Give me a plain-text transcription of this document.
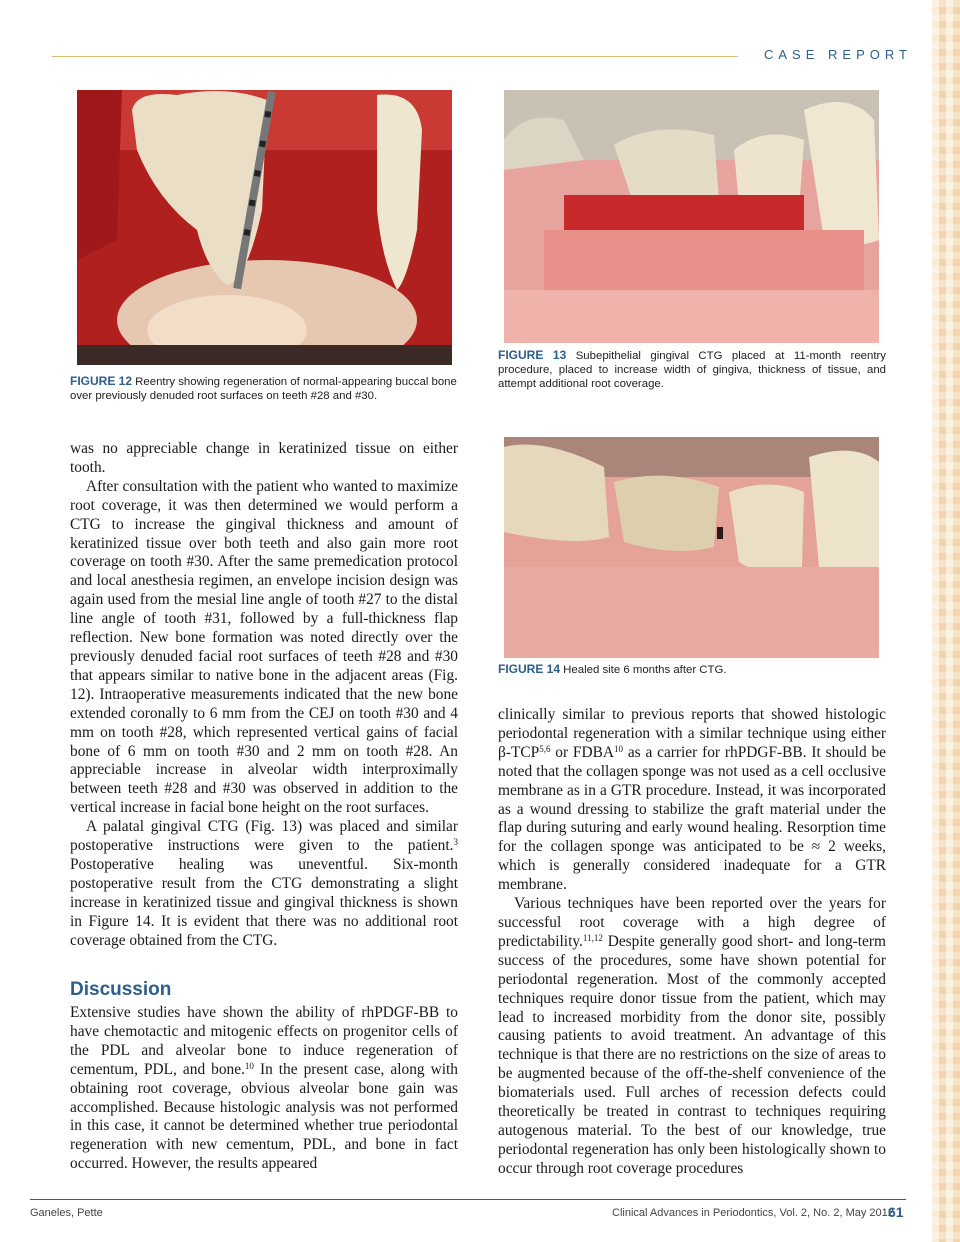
CASE REPORT
FIGURE 12 Reentry showing regeneration of normal-appearing buccal bone over previously denuded root surfaces on teeth #28 and #30.
FIGURE 13 Subepithelial gingival CTG placed at 11-month reentry procedure, placed to increase width of gingiva, thickness of tissue, and attempt additional root coverage.
FIGURE 14 Healed site 6 months after CTG.

was no appreciable change in keratinized tissue on either tooth.

After consultation with the patient who wanted to maximize root coverage, it was then determined we would perform a CTG to increase the gingival thickness and amount of keratinized tissue over both teeth and also gain more root coverage on tooth #30. After the same premedication protocol and local anesthesia regimen, an envelope incision design was again used from the mesial line angle of tooth #27 to the distal line angle of tooth #31, followed by a full-thickness flap reflection. New bone formation was noted directly over the previously denuded facial root surfaces of teeth #28 and #30 that appears similar to native bone in the adjacent areas (Fig. 12). Intraoperative measurements indicated that the new bone extended coronally to 6 mm from the CEJ on tooth #30 and 4 mm on tooth #28, which represented vertical gains of facial bone of 6 mm on tooth #30 and 2 mm on tooth #28. An appreciable increase in alveolar width interproximally between teeth #28 and #30 was observed in addition to the vertical increase in facial bone height on the root surfaces.

A palatal gingival CTG (Fig. 13) was placed and similar postoperative instructions were given to the patient.$^3$ Postoperative healing was uneventful. Six-month postoperative result from the CTG demonstrating a slight increase in keratinized tissue and gingival thickness is shown in Figure 14. It is evident that there was no additional root coverage obtained from the CTG.

Discussion

Extensive studies have shown the ability of rhPDGF-BB to have chemotactic and mitogenic effects on progenitor cells of the PDL and alveolar bone to induce regeneration of cementum, PDL, and bone.$^{10}$ In the present case, along with obtaining root coverage, obvious alveolar bone gain was accomplished. Because histologic analysis was not performed in this case, it cannot be determined whether true periodontal regeneration with new cementum, PDL, and bone in fact occurred. However, the results appeared

clinically similar to previous reports that showed histologic periodontal regeneration with a similar technique using either β-TCP$^{5,6}$ or FDBA$^{10}$ as a carrier for rhPDGF-BB. It should be noted that the collagen sponge was not used as a cell occlusive membrane as in a GTR procedure. Instead, it was incorporated as a wound dressing to stabilize the graft material under the flap during suturing and early wound healing. Resorption time for the collagen sponge was anticipated to be ≈ 2 weeks, which is generally considered inadequate for a GTR membrane.

Various techniques have been reported over the years for successful root coverage with a high degree of predictability.$^{11,12}$ Despite generally good short- and long-term success of the procedures, some have shown potential for periodontal regeneration. Most of the commonly accepted techniques require donor tissue from the patient, which may lead to increased morbidity from the donor site, possibly causing patients to avoid treatment. An advantage of this technique is that there are no restrictions on the size of areas to be augmented because of the off-the-shelf convenience of the biomaterials used. Full arches of recession defects could theoretically be treated in contrast to techniques requiring autogenous material. To the best of our knowledge, true periodontal regeneration has only been histologically shown to occur through root coverage procedures

Ganeles, Pette	Clinical Advances in Periodontics, Vol. 2, No. 2, May 2012
61
